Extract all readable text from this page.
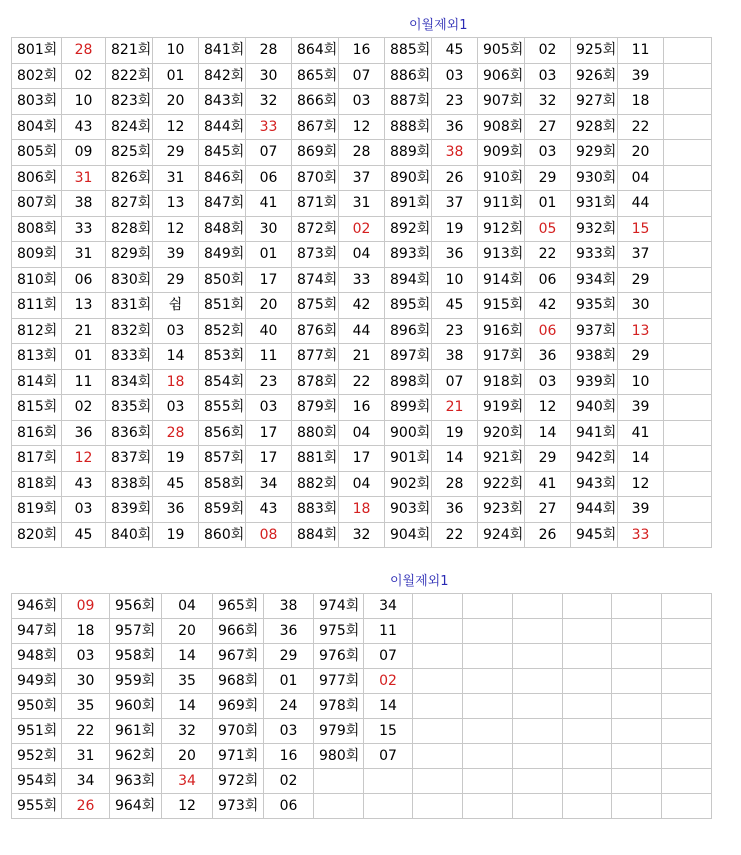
이월제외1
801회	28	821회	10	841회	28	864회	16	885회	45	905회	02	925회	11	
802회	02	822회	01	842회	30	865회	07	886회	03	906회	03	926회	39	
803회	10	823회	20	843회	32	866회	03	887회	23	907회	32	927회	18	
804회	43	824회	12	844회	33	867회	12	888회	36	908회	27	928회	22	
805회	09	825회	29	845회	07	869회	28	889회	38	909회	03	929회	20	
806회	31	826회	31	846회	06	870회	37	890회	26	910회	29	930회	04	
807회	38	827회	13	847회	41	871회	31	891회	37	911회	01	931회	44	
808회	33	828회	12	848회	30	872회	02	892회	19	912회	05	932회	15	
809회	31	829회	39	849회	01	873회	04	893회	36	913회	22	933회	37	
810회	06	830회	29	850회	17	874회	33	894회	10	914회	06	934회	29	
811회	13	831회	쉼	851회	20	875회	42	895회	45	915회	42	935회	30	
812회	21	832회	03	852회	40	876회	44	896회	23	916회	06	937회	13	
813회	01	833회	14	853회	11	877회	21	897회	38	917회	36	938회	29	
814회	11	834회	18	854회	23	878회	22	898회	07	918회	03	939회	10	
815회	02	835회	03	855회	03	879회	16	899회	21	919회	12	940회	39	
816회	36	836회	28	856회	17	880회	04	900회	19	920회	14	941회	41	
817회	12	837회	19	857회	17	881회	17	901회	14	921회	29	942회	14	
818회	43	838회	45	858회	34	882회	04	902회	28	922회	41	943회	12	
819회	03	839회	36	859회	43	883회	18	903회	36	923회	27	944회	39	
820회	45	840회	19	860회	08	884회	32	904회	22	924회	26	945회	33	
이월제외1
946회	09	956회	04	965회	38	974회	34						
947회	18	957회	20	966회	36	975회	11						
948회	03	958회	14	967회	29	976회	07						
949회	30	959회	35	968회	01	977회	02						
950회	35	960회	14	969회	24	978회	14						
951회	22	961회	32	970회	03	979회	15						
952회	31	962회	20	971회	16	980회	07						
954회	34	963회	34	972회	02								
955회	26	964회	12	973회	06								
